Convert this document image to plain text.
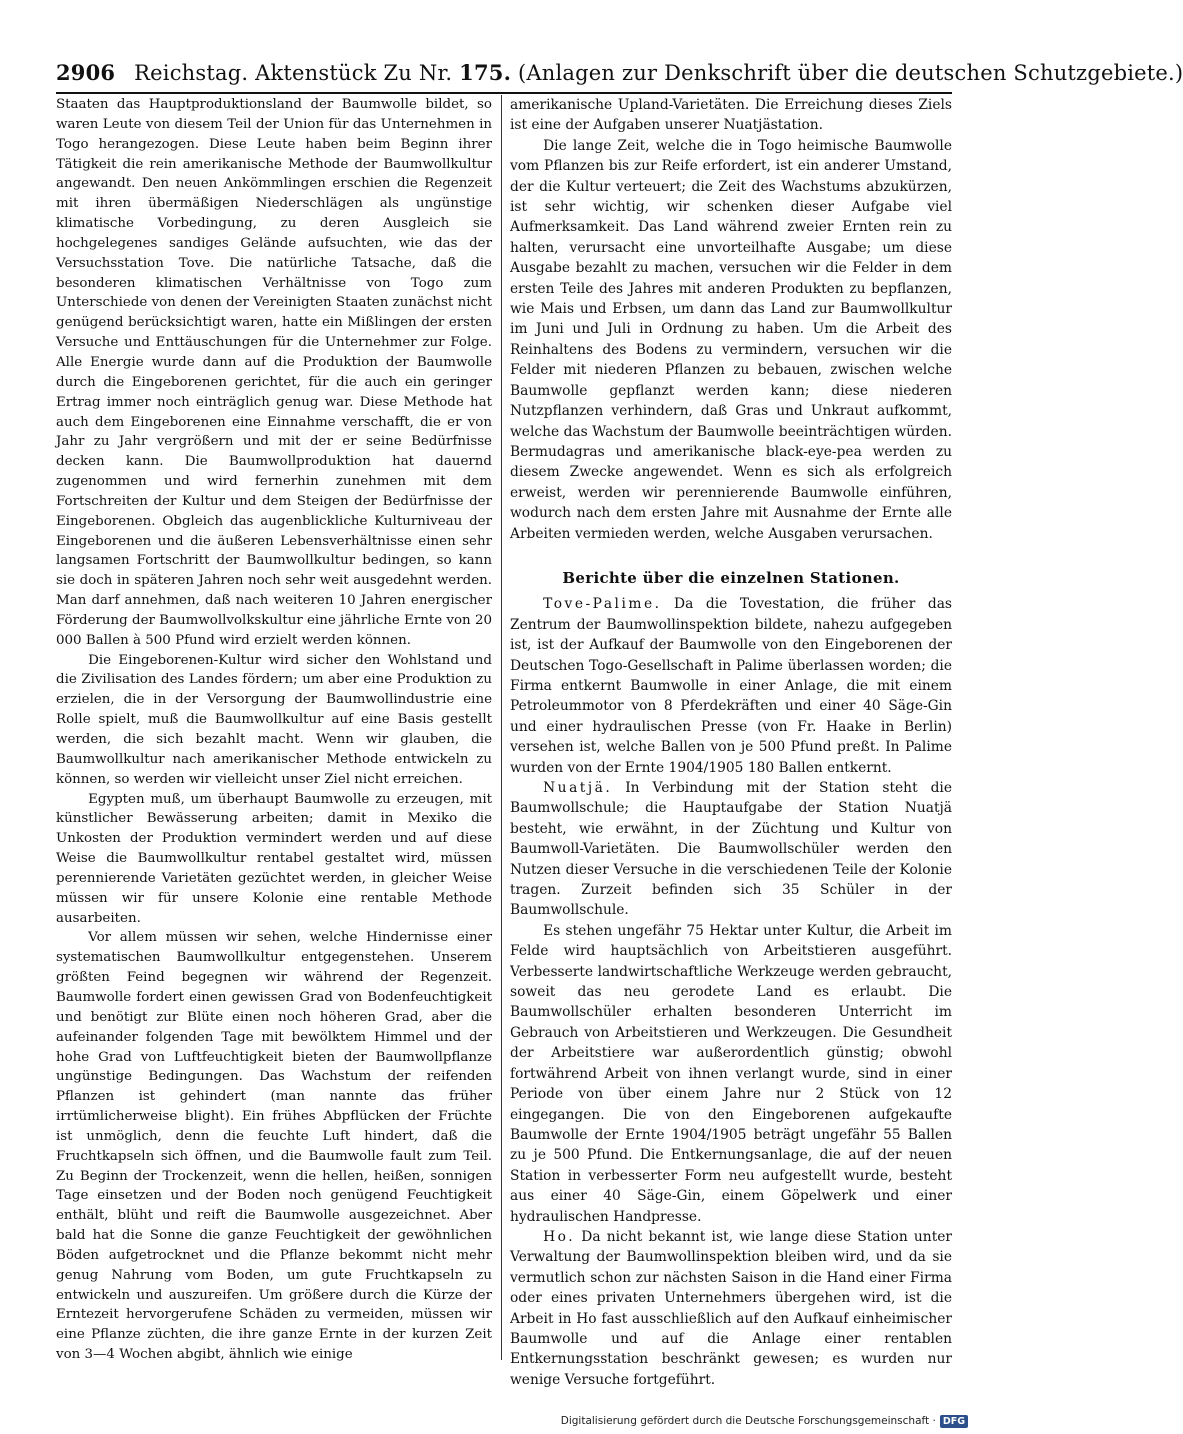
2906 Reichstag. Aktenstück Zu Nr. 175. (Anlagen zur Denkschrift über die deutschen Schutzgebiete.)

Staaten das Hauptproduktionsland der Baumwolle bildet, so waren Leute von diesem Teil der Union für das Unternehmen in Togo herangezogen. Diese Leute haben beim Beginn ihrer Tätigkeit die rein amerikanische Methode der Baumwollkultur angewandt. Den neuen Ankömmlingen erschien die Regenzeit mit ihren übermäßigen Niederschlägen als ungünstige klimatische Vorbedingung, zu deren Ausgleich sie hochgelegenes sandiges Gelände aufsuchten, wie das der Versuchsstation Tove. Die natürliche Tatsache, daß die besonderen klimatischen Verhältnisse von Togo zum Unterschiede von denen der Vereinigten Staaten zunächst nicht genügend berücksichtigt waren, hatte ein Mißlingen der ersten Versuche und Enttäuschungen für die Unternehmer zur Folge. Alle Energie wurde dann auf die Produktion der Baumwolle durch die Eingeborenen gerichtet, für die auch ein geringer Ertrag immer noch einträglich genug war. Diese Methode hat auch dem Eingeborenen eine Einnahme verschafft, die er von Jahr zu Jahr vergrößern und mit der er seine Bedürfnisse decken kann. Die Baumwollproduktion hat dauernd zugenommen und wird fernerhin zunehmen mit dem Fortschreiten der Kultur und dem Steigen der Bedürfnisse der Eingeborenen. Obgleich das augenblickliche Kulturniveau der Eingeborenen und die äußeren Lebensverhältnisse einen sehr langsamen Fortschritt der Baumwollkultur bedingen, so kann sie doch in späteren Jahren noch sehr weit ausgedehnt werden. Man darf annehmen, daß nach weiteren 10 Jahren energischer Förderung der Baumwollvolkskultur eine jährliche Ernte von 20 000 Ballen à 500 Pfund wird erzielt werden können.

Die Eingeborenen-Kultur wird sicher den Wohlstand und die Zivilisation des Landes fördern; um aber eine Produktion zu erzielen, die in der Versorgung der Baumwollindustrie eine Rolle spielt, muß die Baumwollkultur auf eine Basis gestellt werden, die sich bezahlt macht. Wenn wir glauben, die Baumwollkultur nach amerikanischer Methode entwickeln zu können, so werden wir vielleicht unser Ziel nicht erreichen.

Egypten muß, um überhaupt Baumwolle zu erzeugen, mit künstlicher Bewässerung arbeiten; damit in Mexiko die Unkosten der Produktion vermindert werden und auf diese Weise die Baumwollkultur rentabel gestaltet wird, müssen perennierende Varietäten gezüchtet werden, in gleicher Weise müssen wir für unsere Kolonie eine rentable Methode ausarbeiten.

Vor allem müssen wir sehen, welche Hindernisse einer systematischen Baumwollkultur entgegenstehen. Unserem größten Feind begegnen wir während der Regenzeit. Baumwolle fordert einen gewissen Grad von Bodenfeuchtigkeit und benötigt zur Blüte einen noch höheren Grad, aber die aufeinander folgenden Tage mit bewölktem Himmel und der hohe Grad von Luftfeuchtigkeit bieten der Baumwollpflanze ungünstige Bedingungen. Das Wachstum der reifenden Pflanzen ist gehindert (man nannte das früher irrtümlicherweise blight). Ein frühes Abpflücken der Früchte ist unmöglich, denn die feuchte Luft hindert, daß die Fruchtkapseln sich öffnen, und die Baumwolle fault zum Teil. Zu Beginn der Trockenzeit, wenn die hellen, heißen, sonnigen Tage einsetzen und der Boden noch genügend Feuchtigkeit enthält, blüht und reift die Baumwolle ausgezeichnet. Aber bald hat die Sonne die ganze Feuchtigkeit der gewöhnlichen Böden aufgetrocknet und die Pflanze bekommt nicht mehr genug Nahrung vom Boden, um gute Fruchtkapseln zu entwickeln und auszureifen. Um größere durch die Kürze der Erntezeit hervorgerufene Schäden zu vermeiden, müssen wir eine Pflanze züchten, die ihre ganze Ernte in der kurzen Zeit von 3—4 Wochen abgibt, ähnlich wie einige

amerikanische Upland-Varietäten. Die Erreichung dieses Ziels ist eine der Aufgaben unserer Nuatjästation.

Die lange Zeit, welche die in Togo heimische Baumwolle vom Pflanzen bis zur Reife erfordert, ist ein anderer Umstand, der die Kultur verteuert; die Zeit des Wachstums abzukürzen, ist sehr wichtig, wir schenken dieser Aufgabe viel Aufmerksamkeit. Das Land während zweier Ernten rein zu halten, verursacht eine unvorteilhafte Ausgabe; um diese Ausgabe bezahlt zu machen, versuchen wir die Felder in dem ersten Teile des Jahres mit anderen Produkten zu bepflanzen, wie Mais und Erbsen, um dann das Land zur Baumwollkultur im Juni und Juli in Ordnung zu haben. Um die Arbeit des Reinhaltens des Bodens zu vermindern, versuchen wir die Felder mit niederen Pflanzen zu bebauen, zwischen welche Baumwolle gepflanzt werden kann; diese niederen Nutzpflanzen verhindern, daß Gras und Unkraut aufkommt, welche das Wachstum der Baumwolle beeinträchtigen würden. Bermudagras und amerikanische black-eye-pea werden zu diesem Zwecke angewendet. Wenn es sich als erfolgreich erweist, werden wir perennierende Baumwolle einführen, wodurch nach dem ersten Jahre mit Ausnahme der Ernte alle Arbeiten vermieden werden, welche Ausgaben verursachen.

Berichte über die einzelnen Stationen.

Tove-Palime. Da die Tovestation, die früher das Zentrum der Baumwollinspektion bildete, nahezu aufgegeben ist, ist der Aufkauf der Baumwolle von den Eingeborenen der Deutschen Togo-Gesellschaft in Palime überlassen worden; die Firma entkernt Baumwolle in einer Anlage, die mit einem Petroleummotor von 8 Pferdekräften und einer 40 Säge-Gin und einer hydraulischen Presse (von Fr. Haake in Berlin) versehen ist, welche Ballen von je 500 Pfund preßt. In Palime wurden von der Ernte 1904/1905 180 Ballen entkernt.

Nuatjä. In Verbindung mit der Station steht die Baumwollschule; die Hauptaufgabe der Station Nuatjä besteht, wie erwähnt, in der Züchtung und Kultur von Baumwoll-Varietäten. Die Baumwollschüler werden den Nutzen dieser Versuche in die verschiedenen Teile der Kolonie tragen. Zurzeit befinden sich 35 Schüler in der Baumwollschule.

Es stehen ungefähr 75 Hektar unter Kultur, die Arbeit im Felde wird hauptsächlich von Arbeitstieren ausgeführt. Verbesserte landwirtschaftliche Werkzeuge werden gebraucht, soweit das neu gerodete Land es erlaubt. Die Baumwollschüler erhalten besonderen Unterricht im Gebrauch von Arbeitstieren und Werkzeugen. Die Gesundheit der Arbeitstiere war außerordentlich günstig; obwohl fortwährend Arbeit von ihnen verlangt wurde, sind in einer Periode von über einem Jahre nur 2 Stück von 12 eingegangen. Die von den Eingeborenen aufgekaufte Baumwolle der Ernte 1904/1905 beträgt ungefähr 55 Ballen zu je 500 Pfund. Die Entkernungsanlage, die auf der neuen Station in verbesserter Form neu aufgestellt wurde, besteht aus einer 40 Säge-Gin, einem Göpelwerk und einer hydraulischen Handpresse.

Ho. Da nicht bekannt ist, wie lange diese Station unter Verwaltung der Baumwollinspektion bleiben wird, und da sie vermutlich schon zur nächsten Saison in die Hand einer Firma oder eines privaten Unternehmers übergehen wird, ist die Arbeit in Ho fast ausschließlich auf den Aufkauf einheimischer Baumwolle und auf die Anlage einer rentablen Entkernungsstation beschränkt gewesen; es wurden nur wenige Versuche fortgeführt.

Digitalisierung gefördert durch die Deutsche Forschungsgemeinschaft · DFG
